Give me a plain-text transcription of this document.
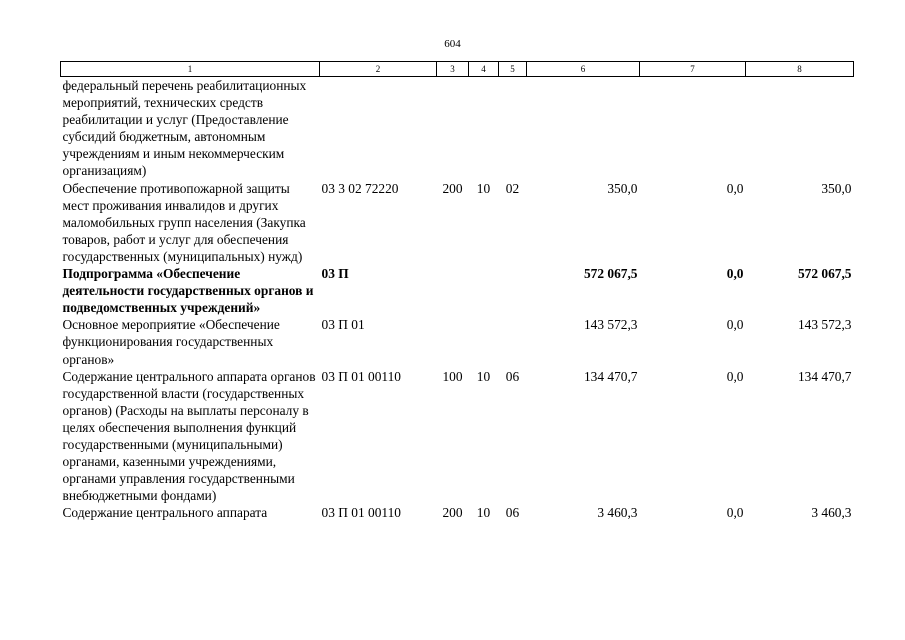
604
1	2	3	4	5	6	7	8
федеральный перечень реабилитационных мероприятий, технических средств реабилитации и услуг (Предоставление субсидий бюджетным, автономным учреждениям и иным некоммерческим организациям)							
Обеспечение противопожарной защиты мест проживания инвалидов и других маломобильных групп населения (Закупка товаров, работ и услуг для обеспечения государственных (муниципальных) нужд)	03 3 02 72220	200	10	02	350,0	0,0	350,0
Подпрограмма «Обеспечение деятельности государственных органов и подведомственных учреждений»	03 П				572 067,5	0,0	572 067,5
Основное мероприятие «Обеспечение функционирования государственных органов»	03 П 01				143 572,3	0,0	143 572,3
Содержание центрального аппарата органов государственной власти (государственных органов) (Расходы на выплаты персоналу в целях обеспечения выполнения функций государственными (муниципальными) органами, казенными учреждениями, органами управления государственными внебюджетными фондами)	03 П 01 00110	100	10	06	134 470,7	0,0	134 470,7
Содержание центрального аппарата	03 П 01 00110	200	10	06	3 460,3	0,0	3 460,3
